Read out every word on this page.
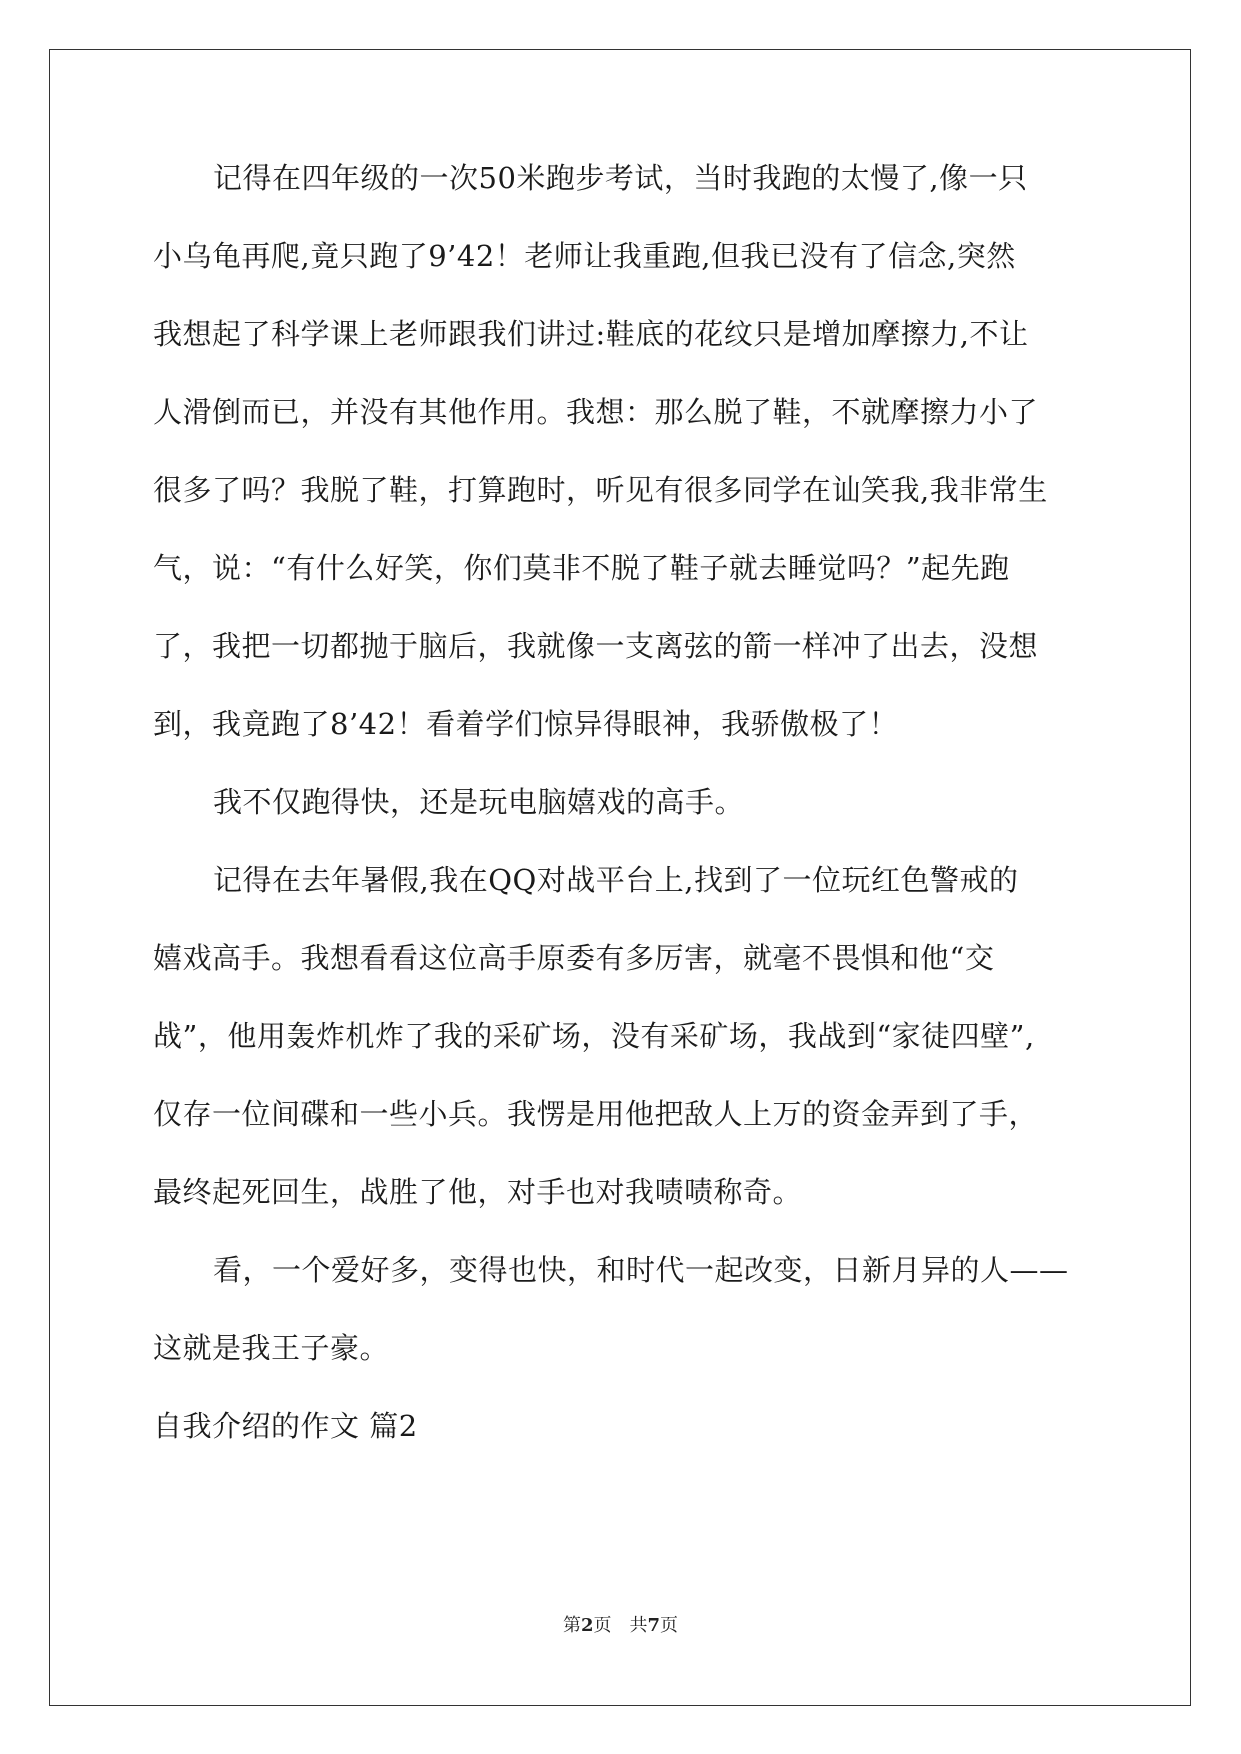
记得在四年级的一次50米跑步考试，当时我跑的太慢了,像一只
小乌龟再爬,竟只跑了9’42！老师让我重跑,但我已没有了信念,突然
我想起了科学课上老师跟我们讲过:鞋底的花纹只是增加摩擦力,不让
人滑倒而已，并没有其他作用。我想：那么脱了鞋，不就摩擦力小了
很多了吗？我脱了鞋，打算跑时，听见有很多同学在讪笑我,我非常生
气，说：“有什么好笑，你们莫非不脱了鞋子就去睡觉吗？”起先跑
了，我把一切都抛于脑后，我就像一支离弦的箭一样冲了出去，没想
到，我竟跑了8’42！看着学们惊异得眼神，我骄傲极了！
我不仅跑得快，还是玩电脑嬉戏的高手。
记得在去年暑假,我在QQ对战平台上,找到了一位玩红色警戒的
嬉戏高手。我想看看这位高手原委有多厉害，就毫不畏惧和他“交
战”，他用轰炸机炸了我的采矿场，没有采矿场，我战到“家徒四壁”,
仅存一位间碟和一些小兵。我愣是用他把敌人上万的资金弄到了手，
最终起死回生，战胜了他，对手也对我啧啧称奇。
看，一个爱好多，变得也快，和时代一起改变，日新月异的人——
这就是我王子豪。
自我介绍的作文 篇2
第2页　共7页
